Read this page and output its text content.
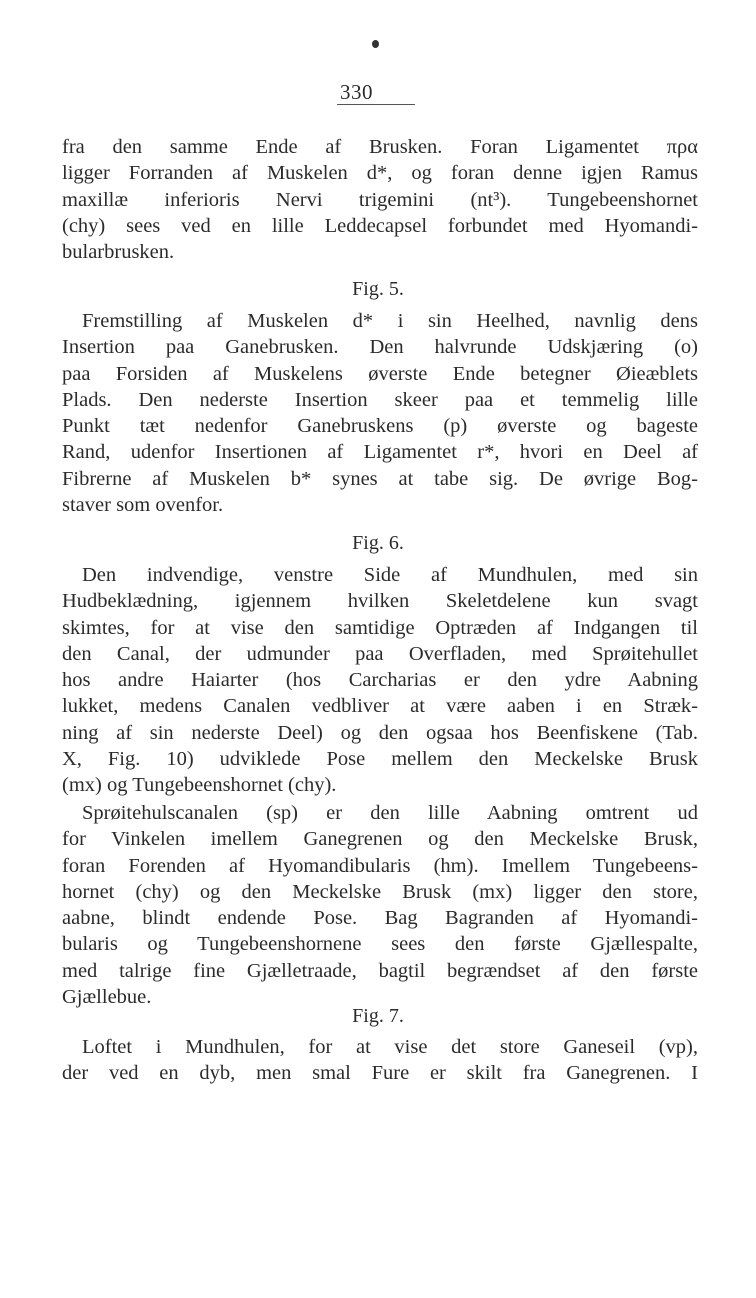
330
fra den samme Ende af Brusken. Foran Ligamentet πρα
ligger Forranden af Muskelen d*, og foran denne igjen Ramus
maxillæ inferioris Nervi trigemini (nt³). Tungebeenshornet
(chy) sees ved en lille Leddecapsel forbundet med Hyomandi-
bularbrusken.
Fig. 5.
Fremstilling af Muskelen d* i sin Heelhed, navnlig dens
Insertion paa Ganebrusken. Den halvrunde Udskjæring (o)
paa Forsiden af Muskelens øverste Ende betegner Øieæblets
Plads. Den nederste Insertion skeer paa et temmelig lille
Punkt tæt nedenfor Ganebruskens (p) øverste og bageste
Rand, udenfor Insertionen af Ligamentet r*, hvori en Deel af
Fibrerne af Muskelen b* synes at tabe sig. De øvrige Bog-
staver som ovenfor.
Fig. 6.
Den indvendige, venstre Side af Mundhulen, med sin
Hudbeklædning, igjennem hvilken Skeletdelene kun svagt
skimtes, for at vise den samtidige Optræden af Indgangen til
den Canal, der udmunder paa Overfladen, med Sprøitehullet
hos andre Haiarter (hos Carcharias er den ydre Aabning
lukket, medens Canalen vedbliver at være aaben i en Stræk-
ning af sin nederste Deel) og den ogsaa hos Beenfiskene (Tab.
X, Fig. 10) udviklede Pose mellem den Meckelske Brusk
(mx) og Tungebeenshornet (chy).
Sprøitehulscanalen (sp) er den lille Aabning omtrent ud
for Vinkelen imellem Ganegrenen og den Meckelske Brusk,
foran Forenden af Hyomandibularis (hm). Imellem Tungebeens-
hornet (chy) og den Meckelske Brusk (mx) ligger den store,
aabne, blindt endende Pose. Bag Bagranden af Hyomandi-
bularis og Tungebeenshornene sees den første Gjællespalte,
med talrige fine Gjælletraade, bagtil begrændset af den første
Gjællebue.
Fig. 7.
Loftet i Mundhulen, for at vise det store Ganeseil (vp),
der ved en dyb, men smal Fure er skilt fra Ganegrenen. I
